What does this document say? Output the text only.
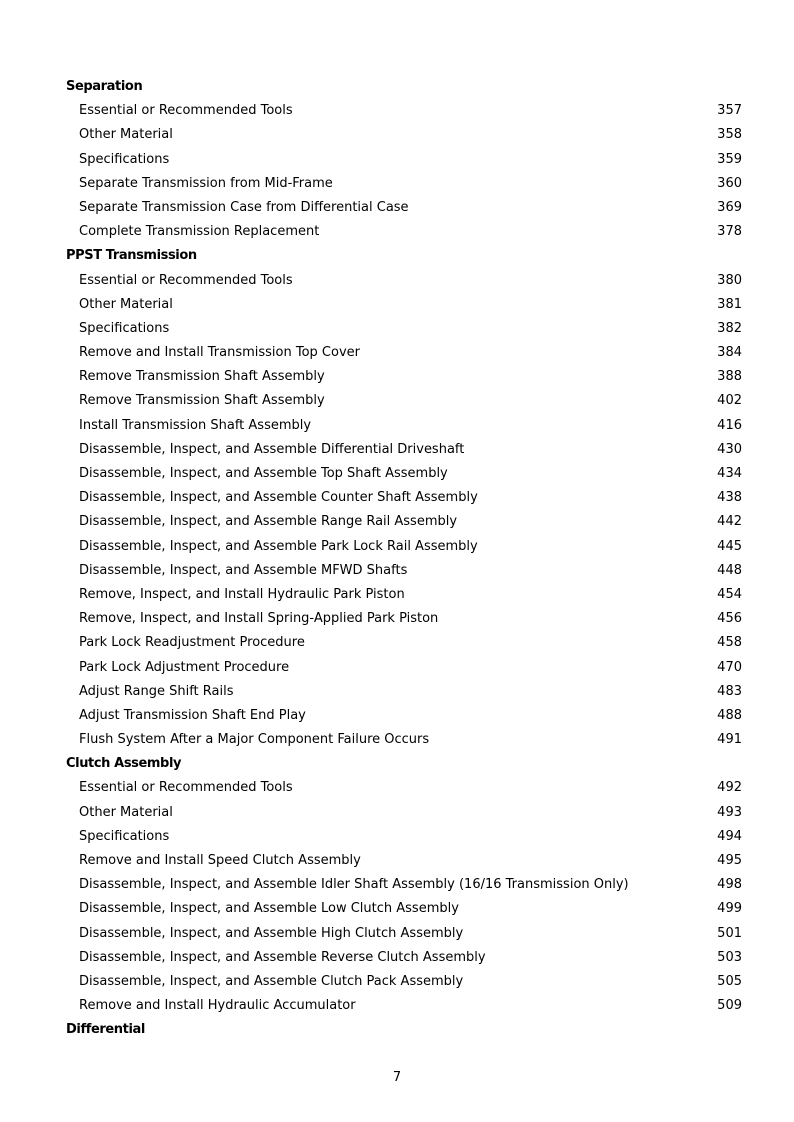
Separation
Essential or Recommended Tools	357
Other Material	358
Specifications	359
Separate Transmission from Mid-Frame	360
Separate Transmission Case from Differential Case	369
Complete Transmission Replacement	378
PPST Transmission
Essential or Recommended Tools	380
Other Material	381
Specifications	382
Remove and Install Transmission Top Cover	384
Remove Transmission Shaft Assembly	388
Remove Transmission Shaft Assembly	402
Install Transmission Shaft Assembly	416
Disassemble, Inspect, and Assemble Differential Driveshaft	430
Disassemble, Inspect, and Assemble Top Shaft Assembly	434
Disassemble, Inspect, and Assemble Counter Shaft Assembly	438
Disassemble, Inspect, and Assemble Range Rail Assembly	442
Disassemble, Inspect, and Assemble Park Lock Rail Assembly	445
Disassemble, Inspect, and Assemble MFWD Shafts	448
Remove, Inspect, and Install Hydraulic Park Piston	454
Remove, Inspect, and Install Spring-Applied Park Piston	456
Park Lock Readjustment Procedure	458
Park Lock Adjustment Procedure	470
Adjust Range Shift Rails	483
Adjust Transmission Shaft End Play	488
Flush System After a Major Component Failure Occurs	491
Clutch Assembly
Essential or Recommended Tools	492
Other Material	493
Specifications	494
Remove and Install Speed Clutch Assembly	495
Disassemble, Inspect, and Assemble Idler Shaft Assembly (16/16 Transmission Only)	498
Disassemble, Inspect, and Assemble Low Clutch Assembly	499
Disassemble, Inspect, and Assemble High Clutch Assembly	501
Disassemble, Inspect, and Assemble Reverse Clutch Assembly	503
Disassemble, Inspect, and Assemble Clutch Pack Assembly	505
Remove and Install Hydraulic Accumulator	509
Differential
7
